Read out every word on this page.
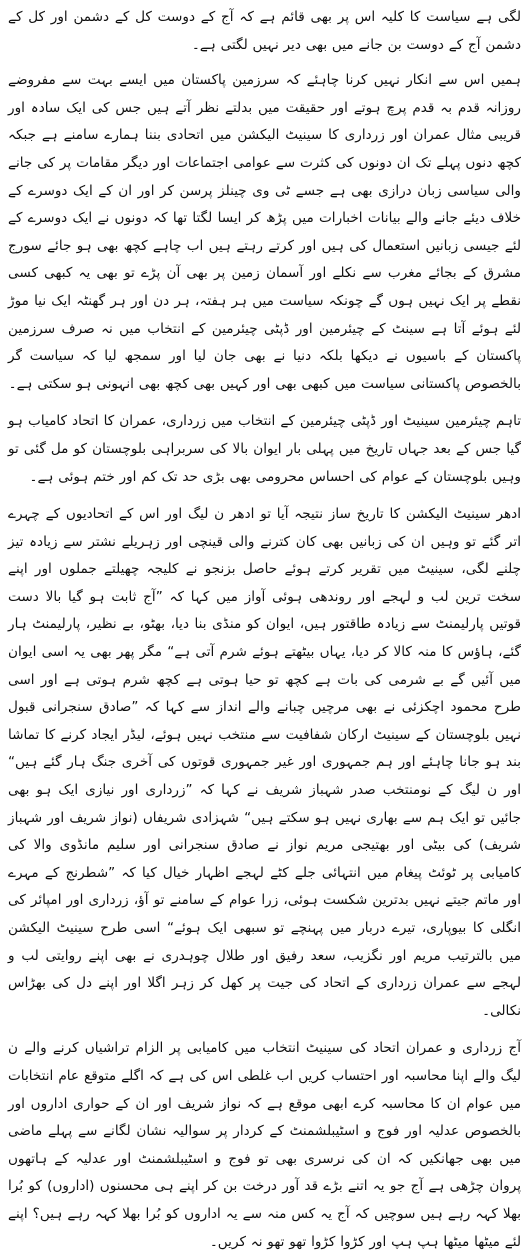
لگی ہے سیاست کا کلیہ اس پر بھی قائم ہے کہ آج کے دوست کل کے دشمن اور کل کے دشمن آج کے دوست بن جانے میں بھی دیر نہیں لگتی ہے۔

ہمیں اس سے انکار نہیں کرنا چاہئے کہ سرزمین پاکستان میں ایسے بہت سے مفروضے روزانہ قدم بہ قدم پرچ ہوتے اور حقیقت میں بدلتے نظر آتے ہیں جس کی ایک سادہ اور قریبی مثال عمران اور زرداری کا سینیٹ الیکشن میں اتحادی بننا ہمارے سامنے ہے جبکہ کچھ دنوں پہلے تک ان دونوں کی کثرت سے عوامی اجتماعات اور دیگر مقامات پر کی جانے والی سیاسی زبان درازی بھی ہے جسے ٹی وی چینلز پرسن کر اور ان کے ایک دوسرے کے خلاف دیئے جانے والے بیانات اخبارات میں پڑھ کر ایسا لگتا تھا کہ دونوں نے ایک دوسرے کے لئے جیسی زبانیں استعمال کی ہیں اور کرتے رہتے ہیں اب چاہے کچھ بھی ہو جائے سورج مشرق کے بجائے مغرب سے نکلے اور آسمان زمین پر بھی آن پڑے تو بھی یہ کبھی کسی نقطے پر ایک نہیں ہوں گے چونکہ سیاست میں ہر ہفتہ، ہر دن اور ہر گھنٹہ ایک نیا موڑ لئے ہوئے آتا ہے سینٹ کے چیئرمین اور ڈپٹی چیئرمین کے انتخاب میں نہ صرف سرزمین پاکستان کے باسیوں نے دیکھا بلکہ دنیا نے بھی جان لیا اور سمجھ لیا کہ سیاست گر بالخصوص پاکستانی سیاست میں کبھی بھی اور کہیں بھی کچھ بھی انہونی ہو سکتی ہے۔

تاہم چیئرمین سینیٹ اور ڈپٹی چیئرمین کے انتخاب میں زرداری، عمران کا اتحاد کامیاب ہو گیا جس کے بعد جہاں تاریخ میں پہلی بار ایوان بالا کی سربراہی بلوچستان کو مل گئی تو وہیں بلوچستان کے عوام کی احساس محرومی بھی بڑی حد تک کم اور ختم ہوئی ہے۔

ادھر سینیٹ الیکشن کا تاریخ ساز نتیجہ آیا تو ادھر ن لیگ اور اس کے اتحادیوں کے چہرے اتر گئے تو وہیں ان کی زبانیں بھی کان کترنے والی قینچی اور زہریلے نشتر سے زیادہ تیز چلنے لگی، سینیٹ میں تقریر کرتے ہوئے حاصل بزنجو نے کلیجہ چھیلتے جملوں اور اپنے سخت ترین لب و لہجے اور روندھی ہوئی آواز میں کہا کہ ”آج ثابت ہو گیا بالا دست قوتیں پارلیمنٹ سے زیادہ طاقتور ہیں، ایوان کو منڈی بنا دیا، بھٹو، بے نظیر، پارلیمنٹ ہار گئے، ہاؤس کا منہ کالا کر دیا، یہاں بیٹھتے ہوئے شرم آتی ہے“ مگر پھر بھی یہ اسی ایوان میں آئیں گے بے شرمی کی بات ہے کچھ تو حیا ہوتی ہے کچھ شرم ہوتی ہے اور اسی طرح محمود اچکزئی نے بھی مرچیں چبانے والے انداز سے کہا کہ ”صادق سنجرانی قبول نہیں بلوچستان کے سینیٹ ارکان شفافیت سے منتخب نہیں ہوئے، لیڈر ایجاد کرنے کا تماشا بند ہو جانا چاہئے اور ہم جمہوری اور غیر جمہوری قوتوں کی آخری جنگ ہار گئے ہیں“ اور ن لیگ کے نومنتخب صدر شہباز شریف نے کہا کہ ”زرداری اور نیازی ایک ہو بھی جائیں تو ایک ہم سے بھاری نہیں ہو سکتے ہیں“ شہزادی شریفاں (نواز شریف اور شہباز شریف) کی بیٹی اور بھتیجی مریم نواز نے صادق سنجرانی اور سلیم مانڈوی والا کی کامیابی پر ٹوئٹ پیغام میں انتہائی جلے کٹے لہجے اظہار خیال کیا کہ ”شطرنج کے مہرے اور ماتم جیتے نہیں بدترین شکست ہوئی، زرا عوام کے سامنے تو آؤ، زرداری اور امپائر کی انگلی کا بیوپاری، تیرے دربار میں پہنچے تو سبھی ایک ہوئے“ اسی طرح سینیٹ الیکشن میں بالترتیب مریم اور نگزیب، سعد رفیق اور طلال چوہدری نے بھی اپنے روایتی لب و لہجے سے عمران زرداری کے اتحاد کی جیت پر کھل کر زہر اگلا اور اپنے دل کی بھڑاس نکالی۔

آج زرداری و عمران اتحاد کی سینیٹ انتخاب میں کامیابی پر الزام تراشیاں کرنے والے ن لیگ والے اپنا محاسبہ اور احتساب کریں اب غلطی اس کی ہے کہ اگلے متوقع عام انتخابات میں عوام ان کا محاسبہ کرے ابھی موقع ہے کہ نواز شریف اور ان کے حواری اداروں اور بالخصوص عدلیہ اور فوج و اسٹیبلشمنٹ کے کردار پر سوالیہ نشان لگانے سے پہلے ماضی میں بھی جھانکیں کہ ان کی نرسری بھی تو فوج و اسٹیبلشمنٹ اور عدلیہ کے ہاتھوں پروان چڑھی ہے آج جو یہ اتنے بڑے قد آور درخت بن کر اپنے ہی محسنوں (اداروں) کو بُرا بھلا کہہ رہے ہیں سوچیں کہ آج یہ کس منہ سے یہ اداروں کو بُرا بھلا کہہ رہے ہیں؟ اپنے لئے میٹھا میٹھا ہپ ہپ اور کڑوا کڑوا تھو تھو نہ کریں۔
